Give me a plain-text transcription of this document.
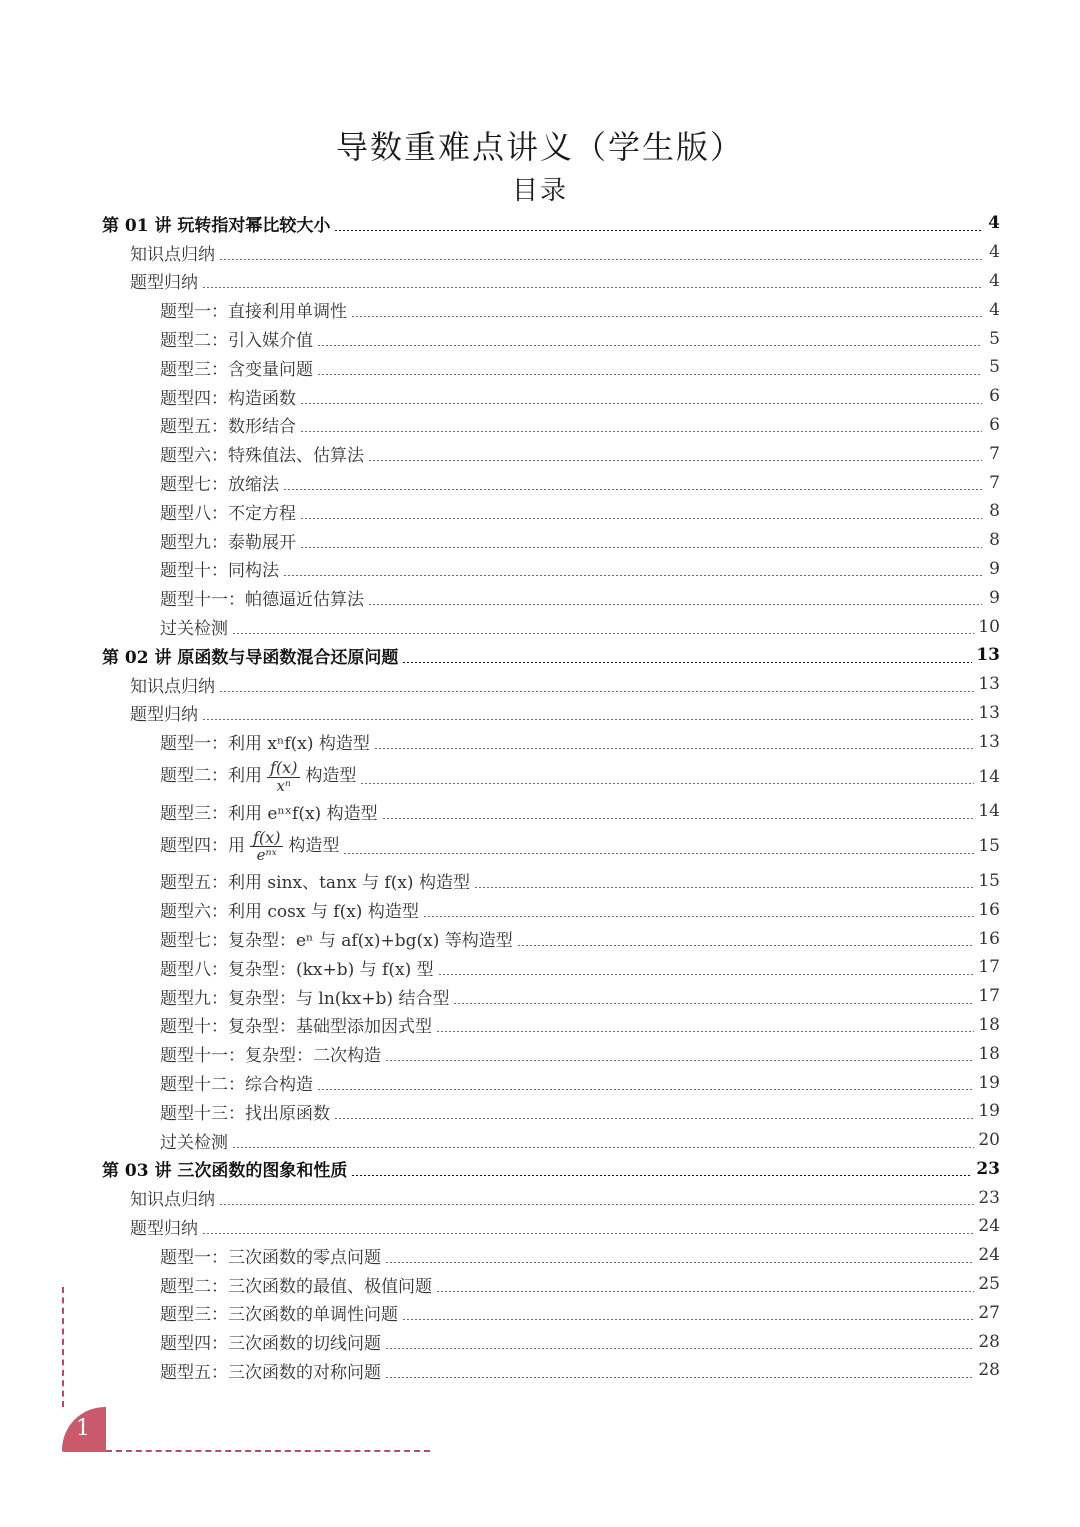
导数重难点讲义（学生版）
目录
第 01 讲 玩转指对幂比较大小	4
知识点归纳	4
题型归纳	4
题型一：直接利用单调性	4
题型二：引入媒介值	5
题型三：含变量问题	5
题型四：构造函数	6
题型五：数形结合	6
题型六：特殊值法、估算法	7
题型七：放缩法	7
题型八：不定方程	8
题型九：泰勒展开	8
题型十：同构法	9
题型十一：帕德逼近估算法	9
过关检测	10
第 02 讲 原函数与导函数混合还原问题	13
知识点归纳	13
题型归纳	13
题型一：利用 xⁿf(x) 构造型	13
题型二：利用 $\frac{f(x)}{\text{xⁿ}}$ 构造型	14
题型三：利用 eⁿˣf(x) 构造型	14
题型四：用 $\frac{f(x)}{\text{eⁿˣ}}$ 构造型	15
题型五：利用 sinx、tanx 与 f(x) 构造型	15
题型六：利用 cosx 与 f(x) 构造型	16
题型七：复杂型：eⁿ 与 af(x)+bg(x) 等构造型	16
题型八：复杂型：(kx+b) 与 f(x) 型	17
题型九：复杂型：与 ln(kx+b) 结合型	17
题型十：复杂型：基础型添加因式型	18
题型十一：复杂型：二次构造	18
题型十二：综合构造	19
题型十三：找出原函数	19
过关检测	20
第 03 讲 三次函数的图象和性质	23
知识点归纳	23
题型归纳	24
题型一：三次函数的零点问题	24
题型二：三次函数的最值、极值问题	25
题型三：三次函数的单调性问题	27
题型四：三次函数的切线问题	28
题型五：三次函数的对称问题	28
1
